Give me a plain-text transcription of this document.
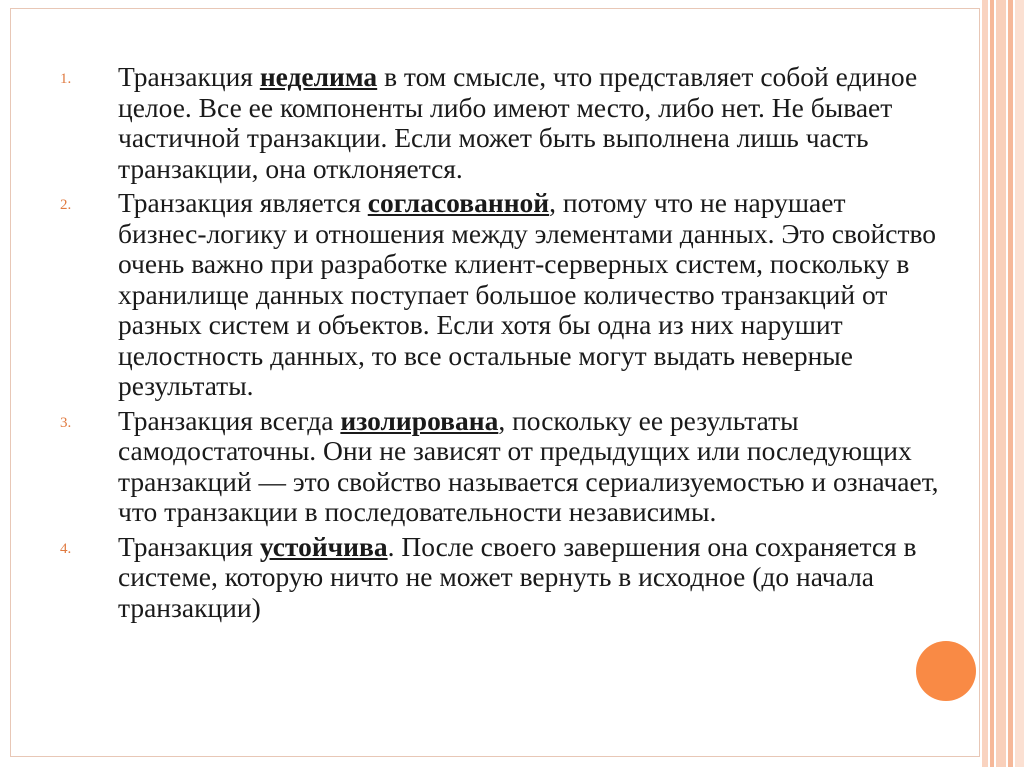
1. Транзакция неделима в том смысле, что представляет собой единое целое. Все ее компоненты либо имеют место, либо нет. Не бывает частичной транзакции. Если может быть выполнена лишь часть транзакции, она отклоняется.
2. Транзакция является согласованной, потому что не нарушает бизнес-логику и отношения между элементами данных. Это свойство очень важно при разработке клиент-серверных систем, поскольку в хранилище данных поступает большое количество транзакций от разных систем и объектов. Если хотя бы одна из них нарушит целостность данных, то все остальные могут выдать неверные результаты.
3. Транзакция всегда изолирована, поскольку ее результаты самодостаточны. Они не зависят от предыдущих или последующих транзакций — это свойство называется сериализуемостью и означает, что транзакции в последовательности независимы.
4. Транзакция устойчива. После своего завершения она сохраняется в системе, которую ничто не может вернуть в исходное (до начала транзакции)
